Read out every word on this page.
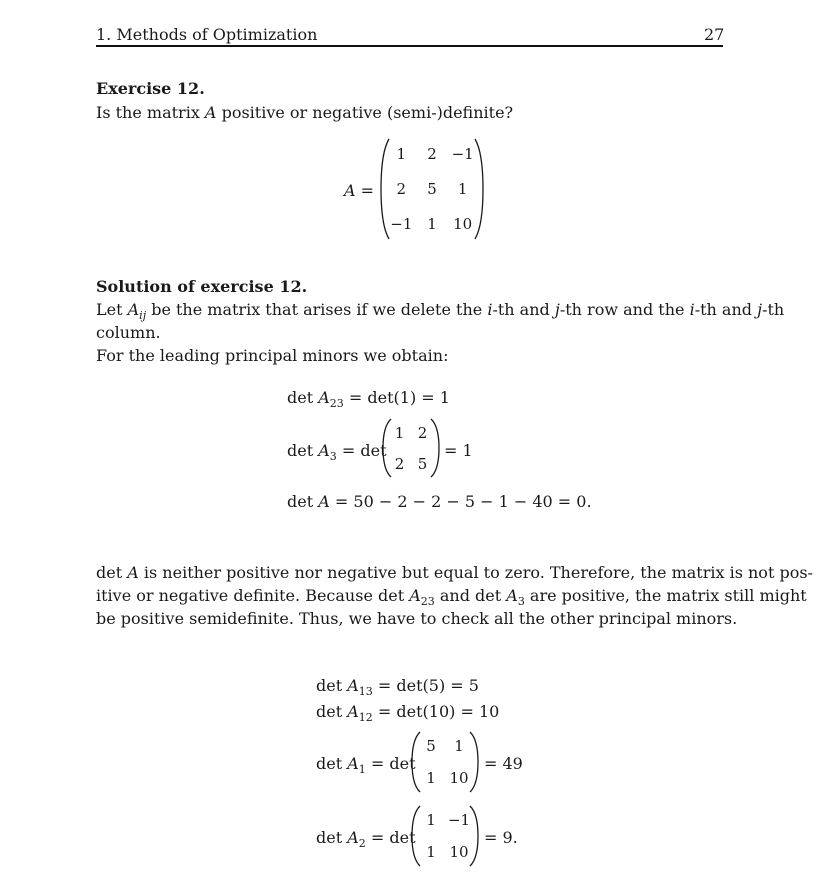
1. Methods of Optimization	27
Exercise 12.
Is the matrix A positive or negative (semi-)definite?
A =
1	2 −1
2	5	1
−1 1	10
Solution of exercise 12.
Let $A_{ij}$ be the matrix that arises if we delete the i-th and j-th row and the i-th and j-th
column.
For the leading principal minors we obtain:
$\det A_{23} = \det(1) = 1$
$\det A_3 = \det$
1 2
2 5
= 1
det A = 50 − 2 − 2 − 5 − 1 − 40 = 0.
det A is neither positive nor negative but equal to zero. Therefore, the matrix is not pos-
itive or negative definite. Because $\det A_{23}$ and $\det A_3$ are positive, the matrix still might
be positive semidefinite. Thus, we have to check all the other principal minors.
$\det A_{13} = \det(5) = 5$
$\det A_{12} = \det(10) = 10$
$\det A_1 = \det$
5	1
1 10
= 49
$\det A_2 = \det$
1 −1
1 10
= 9.
